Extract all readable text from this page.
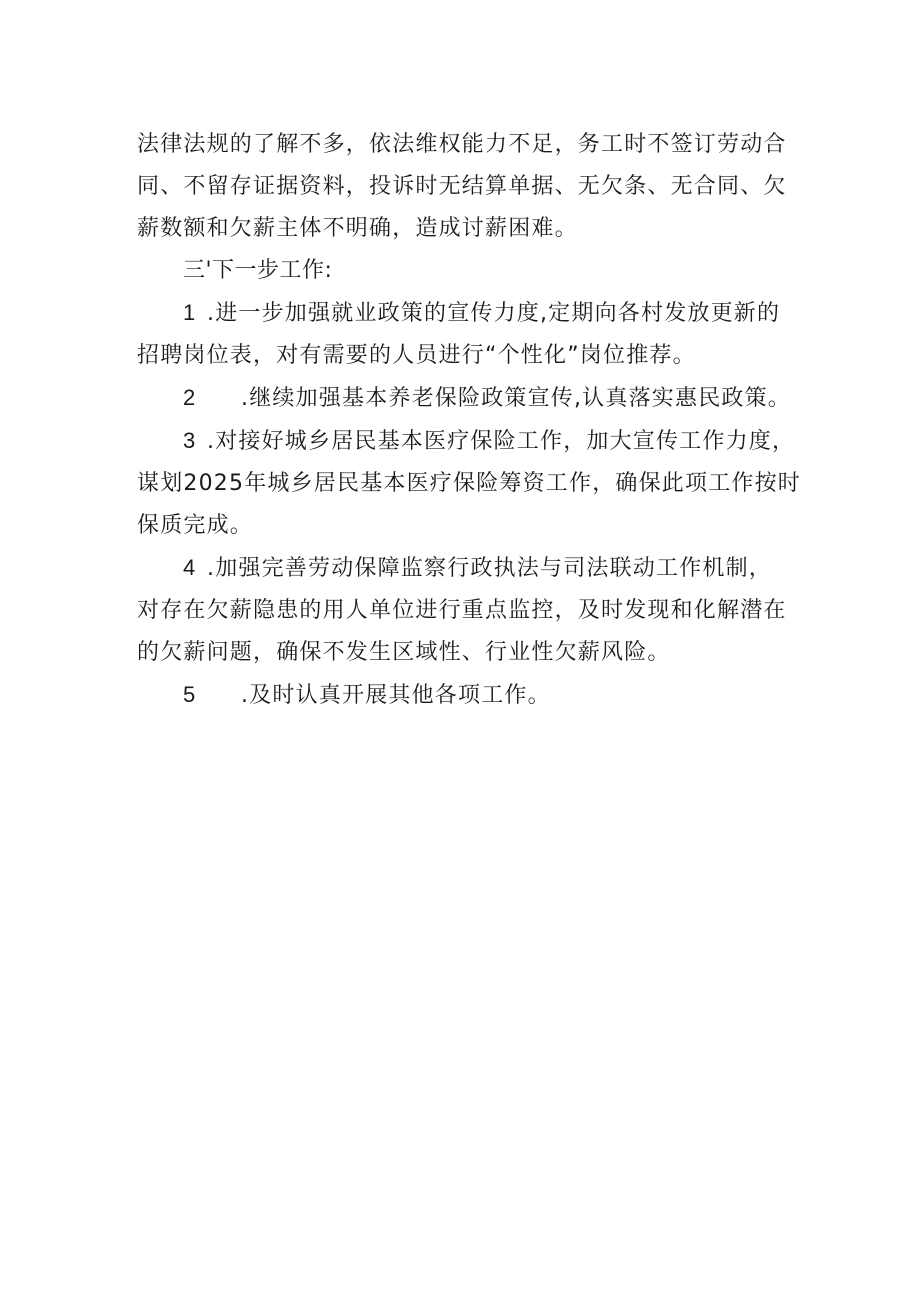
法律法规的了解不多，依法维权能力不足，务工时不签订劳动合

同、不留存证据资料，投诉时无结算单据、无欠条、无合同、欠

薪数额和欠薪主体不明确，造成讨薪困难。

三'下一步工作:

1 .进一步加强就业政策的宣传力度,定期向各村发放更新的

招聘岗位表，对有需要的人员进行“个性化”岗位推荐。

2 .继续加强基本养老保险政策宣传,认真落实惠民政策。

3 .对接好城乡居民基本医疗保险工作，加大宣传工作力度，

谋划2025年城乡居民基本医疗保险筹资工作，确保此项工作按时

保质完成。

4 .加强完善劳动保障监察行政执法与司法联动工作机制，

对存在欠薪隐患的用人单位进行重点监控，及时发现和化解潜在

的欠薪问题，确保不发生区域性、行业性欠薪风险。

5 .及时认真开展其他各项工作。
